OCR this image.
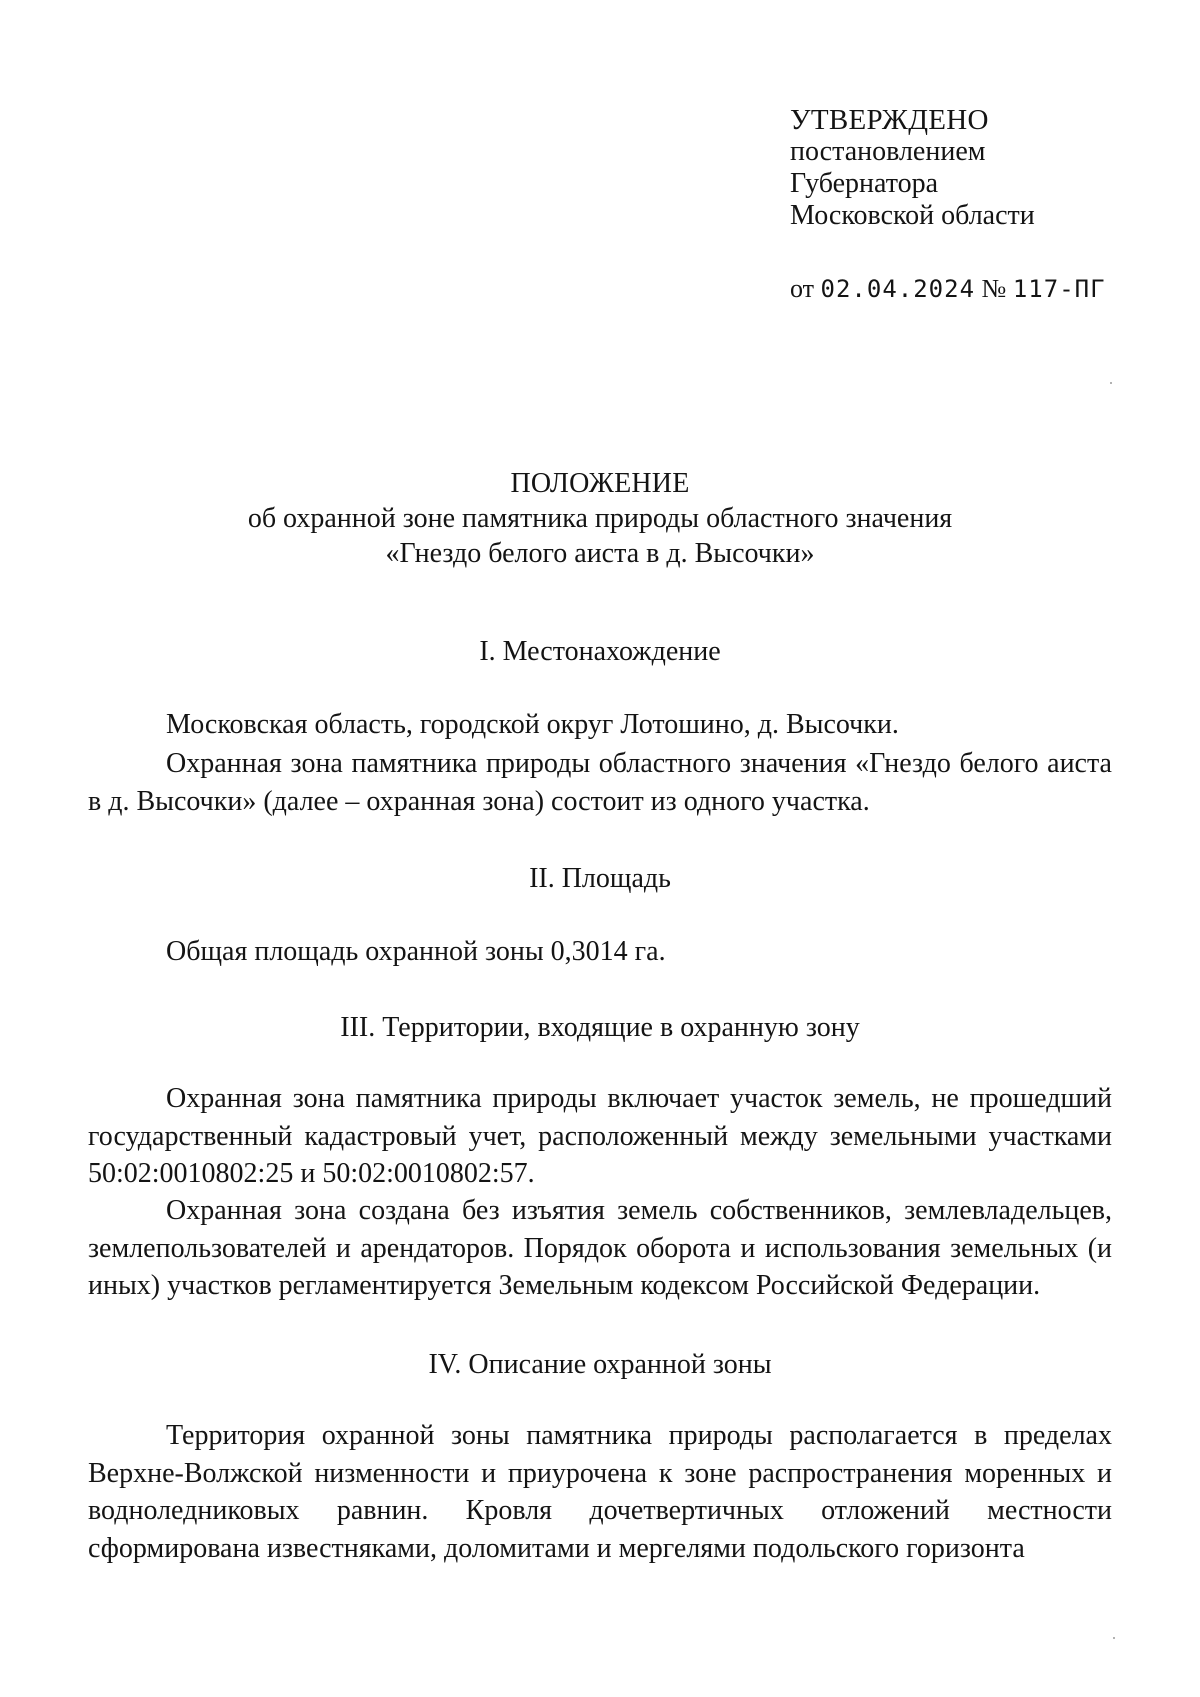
УТВЕРЖДЕНО
постановлением
Губернатора
Московской области
от 02.04.2024 № 117-ПГ
ПОЛОЖЕНИЕ
об охранной зоне памятника природы областного значения
«Гнездо белого аиста в д. Высочки»
I. Местонахождение
Московская область, городской округ Лотошино, д. Высочки.
Охранная зона памятника природы областного значения «Гнездо белого аиста в д. Высочки» (далее – охранная зона) состоит из одного участка.
II. Площадь
Общая площадь охранной зоны 0,3014 га.
III. Территории, входящие в охранную зону
Охранная зона памятника природы включает участок земель, не прошедший государственный кадастровый учет, расположенный между земельными участками 50:02:0010802:25 и 50:02:0010802:57.
Охранная зона создана без изъятия земель собственников, землевладельцев, землепользователей и арендаторов. Порядок оборота и использования земельных (и иных) участков регламентируется Земельным кодексом Российской Федерации.
IV. Описание охранной зоны
Территория охранной зоны памятника природы располагается в пределах Верхне-Волжской низменности и приурочена к зоне распространения моренных и водноледниковых равнин. Кровля дочетвертичных отложений местности сформирована известняками, доломитами и мергелями подольского горизонта
